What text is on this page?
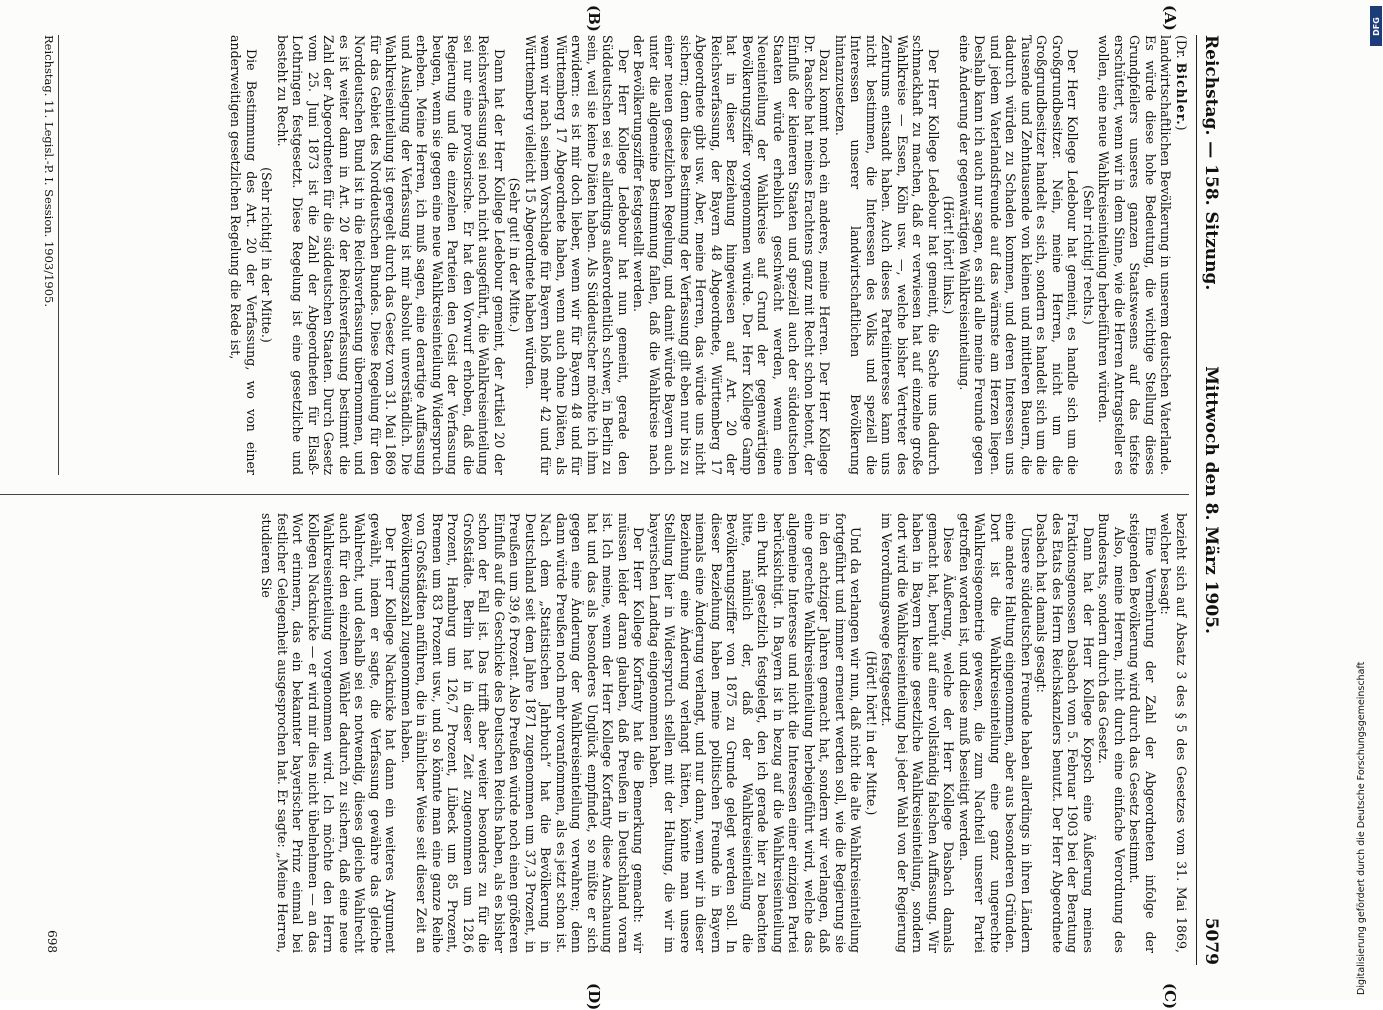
Reichstag. — 158. Sitzung.
Mittwoch den 8. März 1905.
5079
(A)
(B)
(C)
(D)

(Dr. Bichler.)

landwirtschaftlichen Bevölkerung in unserem deutschen Vaterlande. Es würde diese hohe Bedeutung, die wichtige Stellung dieses Grundpfeilers unseres ganzen Staatswesens auf das tiefste erschüttert, wenn wir in dem Sinne, wie die Herren Antragsteller es wollen, eine neue Wahlkreiseinteilung herbeiführen würden.

(Sehr richtig! rechts.)

Der Herr Kollege Ledebour hat gemeint, es handle sich um die Großgrundbesitzer. Nein, meine Herren, nicht um die Großgrundbesitzer handelt es sich, sondern es handelt sich um die Tausende und Zehntausende von kleinen und mittleren Bauern, die dadurch würden zu Schaden kommen, und deren Interessen uns und jedem Vaterlandsfreunde auf das wärmste am Herzen liegen. Deshalb kann ich auch nur sagen, es sind alle meine Freunde gegen eine Änderung der gegenwärtigen Wahlkreiseinteilung.

(Hört! hört! links.)

Der Herr Kollege Ledebour hat gemeint, die Sache uns dadurch schmackhaft zu machen, daß er verwiesen hat auf einzelne große Wahlkreise — Essen, Köln usw. —, welche bisher Vertreter des Zentrums entsandt haben. Auch dieses Parteiinteresse kann uns nicht bestimmen, die Interessen des Volks und speziell die Interessen unserer landwirtschaftlichen Bevölkerung hintanzusetzen.

Dazu kommt noch ein anderes, meine Herren. Der Herr Kollege Dr. Paasche hat meines Erachtens ganz mit Recht schon betont, der Einfluß der kleineren Staaten und speziell auch der süddeutschen Staaten würde erheblich geschwächt werden, wenn eine Neueinteilung der Wahlkreise auf Grund der gegenwärtigen Bevölkerungsziffer vorgenommen würde. Der Herr Kollege Gamp hat in dieser Beziehung hingewiesen auf Art. 20 der Reichsverfassung, der Bayern 48 Abgeordnete, Württemberg 17 Abgeordnete gibt usw. Aber, meine Herren, das würde uns nicht sichern; denn diese Bestimmung der Verfassung gilt eben nur bis zu einer neuen gesetzlichen Regelung, und damit würde Bayern auch unter die allgemeine Bestimmung fallen, daß die Wahlkreise nach der Bevölkerungsziffer festgestellt werden.

Der Herr Kollege Ledebour hat nun gemeint, gerade den Süddeutschen sei es allerdings außerordentlich schwer, in Berlin zu sein, weil sie keine Diäten haben. Als Süddeutscher möchte ich ihm erwidern: es ist mir doch lieber, wenn wir für Bayern 48 und für Württemberg 17 Abgeordnete haben, wenn auch ohne Diäten, als wenn wir nach seinem Vorschlage für Bayern bloß mehr 42 und für Württemberg vielleicht 15 Abgeordnete haben würden.

(Sehr gut! in der Mitte.)

Dann hat der Herr Kollege Ledebour gemeint, der Artikel 20 der Reichsverfassung sei noch nicht ausgeführt, die Wahlkreiseinteilung sei nur eine provisorische. Er hat den Vorwurf erhoben, daß die Regierung und die einzelnen Parteien den Geist der Verfassung beugen, wenn sie gegen eine neue Wahlkreiseinteilung Widerspruch erheben. Meine Herren, ich muß sagen, eine derartige Auffassung und Auslegung der Verfassung ist mir absolut unverständlich. Die Wahlkreiseinteilung ist geregelt durch das Gesetz vom 31. Mai 1869 für das Gebiet des Norddeutschen Bundes. Diese Regelung für den Norddeutschen Bund ist in die Reichsverfassung übernommen, und es ist weiter dann in Art. 20 der Reichsverfassung bestimmt die Zahl der Abgeordneten für die süddeutschen Staaten. Durch Gesetz vom 25. Juni 1873 ist die Zahl der Abgeordneten für Elsaß-Lothringen festgesetzt. Diese Regelung ist eine gesetzliche und besteht zu Recht.

(Sehr richtig! in der Mitte.)

Die Bestimmung des Art. 20 der Verfassung, wo von einer anderweitigen gesetzlichen Regelung die Rede ist,

bezieht sich auf Absatz 3 des § 5 des Gesetzes vom 31. Mai 1869, welcher besagt:

Eine Vermehrung der Zahl der Abgeordneten infolge der steigenden Bevölkerung wird durch das Gesetz bestimmt.

Also, meine Herren, nicht durch eine einfache Verordnung des Bundesrats, sondern durch das Gesetz.

Dann hat der Herr Kollege Kopsch eine Äußerung meines Fraktionsgenossen Dasbach vom 5. Februar 1903 bei der Beratung des Etats des Herrn Reichskanzlers benutzt. Der Herr Abgeordnete Dasbach hat damals gesagt:

Unsere süddeutschen Freunde haben allerdings in ihren Ländern eine andere Haltung eingenommen, aber aus besonderen Gründen. Dort ist die Wahlkreiseinteilung eine ganz ungerechte Wahlkreisgeometrie gewesen, die zum Nachteil unserer Partei getroffen worden ist, und diese muß beseitigt werden.

Diese Äußerung, welche der Herr Kollege Dasbach damals gemacht hat, beruht auf einer vollständig falschen Auffassung. Wir haben in Bayern keine gesetzliche Wahlkreiseinteilung, sondern dort wird die Wahlkreiseinteilung bei jeder Wahl von der Regierung im Verordnungswege festgesetzt.

(Hört! hört! in der Mitte.)

Und da verlangen wir nun, daß nicht die alte Wahlkreiseinteilung fortgeführt und immer erneuert werden soll, wie die Regierung sie in den achtziger Jahren gemacht hat, sondern wir verlangen, daß eine gerechte Wahlkreiseinteilung herbeigeführt wird, welche das allgemeine Interesse und nicht die Interessen einer einzigen Partei berücksichtigt. In Bayern ist in bezug auf die Wahlkreiseinteilung ein Punkt gesetzlich festgelegt, den ich gerade hier zu beachten bitte, nämlich der, daß der Wahlkreiseinteilung die Bevölkerungsziffer von 1875 zu Grunde gelegt werden soll. In dieser Beziehung haben meine politischen Freunde in Bayern niemals eine Änderung verlangt, und nur dann, wenn wir in dieser Beziehung eine Änderung verlangt hätten, könnte man unsere Stellung hier in Widerspruch stellen mit der Haltung, die wir im bayerischen Landtag eingenommen haben.

Der Herr Kollege Korfanty hat die Bemerkung gemacht: wir müssen leider daran glauben, daß Preußen in Deutschland voran ist. Ich meine, wenn der Herr Kollege Korfanty diese Anschauung hat und das als besonderes Unglück empfindet, so müßte er sich gegen eine Änderung der Wahlkreiseinteilung verwahren; denn dann würde Preußen noch mehr voranfommen, als es jetzt schon ist. Nach dem „Statistischen Jahrbuch“ hat die Bevölkerung in Deutschland seit dem Jahre 1871 zugenommen um 37,3 Prozent, in Preußen um 39,6 Prozent. Also Preußen würde noch einen größeren Einfluß auf die Geschicke des Deutschen Reichs haben, als es bisher schon der Fall ist. Das trifft aber weiter besonders zu für die Großstädte. Berlin hat in dieser Zeit zugenommen um 128,6 Prozent, Hamburg um 126,7 Prozent, Lübeck um 85 Prozent, Bremen um 83 Prozent usw., und so könnte man eine ganze Reihe von Großstädten anführen, die in ähnlicher Weise seit dieser Zeit an Bevölkerungszahl zugenommen haben.

Der Herr Kollege Nacknicke hat dann ein weiteres Argument gewählt, indem er sagte, die Verfassung gewähre das gleiche Wahlrecht, und deshalb sei es notwendig, dieses gleiche Wahlrecht auch für den einzelnen Wähler dadurch zu sichern, daß eine neue Wahlkreiseinteilung vorgenommen wird. Ich möchte den Herrn Kollegen Nacknicke — er wird mir dies nicht übelnehmen — an das Wort erinnern, das ein bekannter bayerischer Prinz einmal bei festlicher Gelegenheit ausgesprochen hat. Er sagte: „Meine Herren, studieren Sie

Reichstag. 11. Legisl.-P. I. Session. 1903/1905.
698	Digitalisierung gefördert durch die Deutsche Forschungsgemeinschaft
DFG
